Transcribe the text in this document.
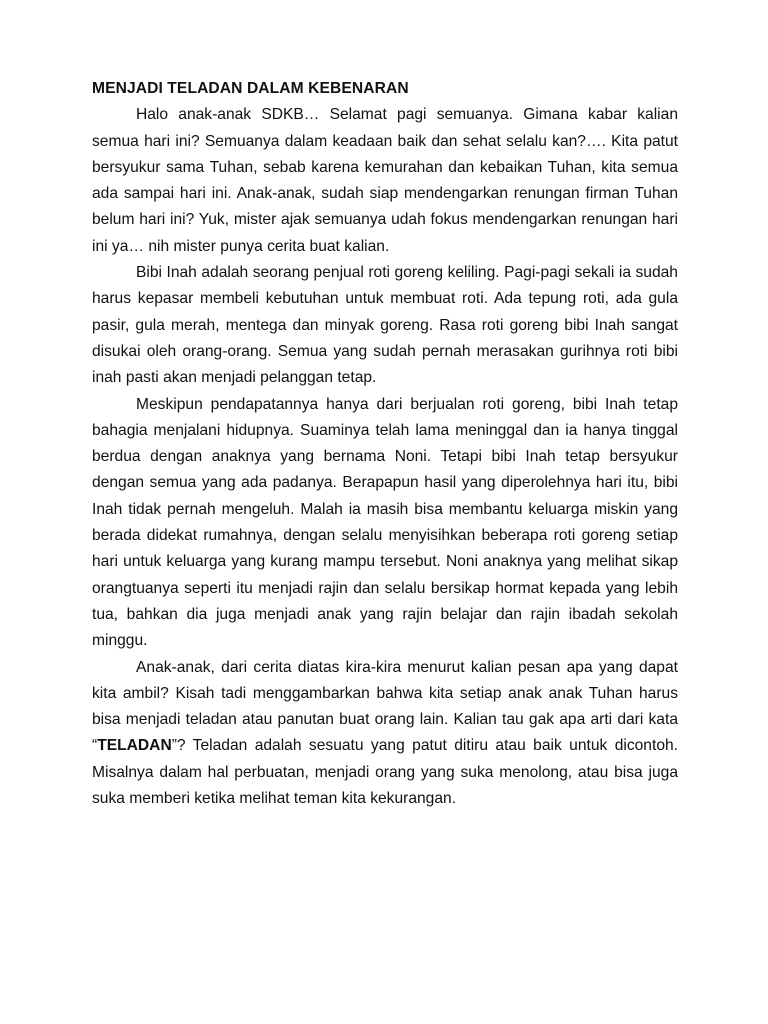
MENJADI TELADAN DALAM KEBENARAN

Halo anak-anak SDKB… Selamat pagi semuanya. Gimana kabar kalian semua hari ini? Semuanya dalam keadaan baik dan sehat selalu kan?…. Kita patut bersyukur sama Tuhan, sebab karena kemurahan dan kebaikan Tuhan, kita semua ada sampai hari ini. Anak-anak, sudah siap mendengarkan renungan firman Tuhan belum hari ini? Yuk, mister ajak semuanya udah fokus mendengarkan renungan hari ini ya… nih mister punya cerita buat kalian.

Bibi Inah adalah seorang penjual roti goreng keliling. Pagi-pagi sekali ia sudah harus kepasar membeli kebutuhan untuk membuat roti. Ada tepung roti, ada gula pasir, gula merah, mentega dan minyak goreng. Rasa roti goreng bibi Inah sangat disukai oleh orang-orang. Semua yang sudah pernah merasakan gurihnya roti bibi inah pasti akan menjadi pelanggan tetap.

Meskipun pendapatannya hanya dari berjualan roti goreng, bibi Inah tetap bahagia menjalani hidupnya. Suaminya telah lama meninggal dan ia hanya tinggal berdua dengan anaknya yang bernama Noni. Tetapi bibi Inah tetap bersyukur dengan semua yang ada padanya. Berapapun hasil yang diperolehnya hari itu, bibi Inah tidak pernah mengeluh. Malah ia masih bisa membantu keluarga miskin yang berada didekat rumahnya, dengan selalu menyisihkan beberapa roti goreng setiap hari untuk keluarga yang kurang mampu tersebut. Noni anaknya yang melihat sikap orangtuanya seperti itu menjadi rajin dan selalu bersikap hormat kepada yang lebih tua, bahkan dia juga menjadi anak yang rajin belajar dan rajin ibadah sekolah minggu.

Anak-anak, dari cerita diatas kira-kira menurut kalian pesan apa yang dapat kita ambil? Kisah tadi menggambarkan bahwa kita setiap anak anak Tuhan harus bisa menjadi teladan atau panutan buat orang lain. Kalian tau gak apa arti dari kata “TELADAN”? Teladan adalah sesuatu yang patut ditiru atau baik untuk dicontoh. Misalnya dalam hal perbuatan, menjadi orang yang suka menolong, atau bisa juga suka memberi ketika melihat teman kita kekurangan.
